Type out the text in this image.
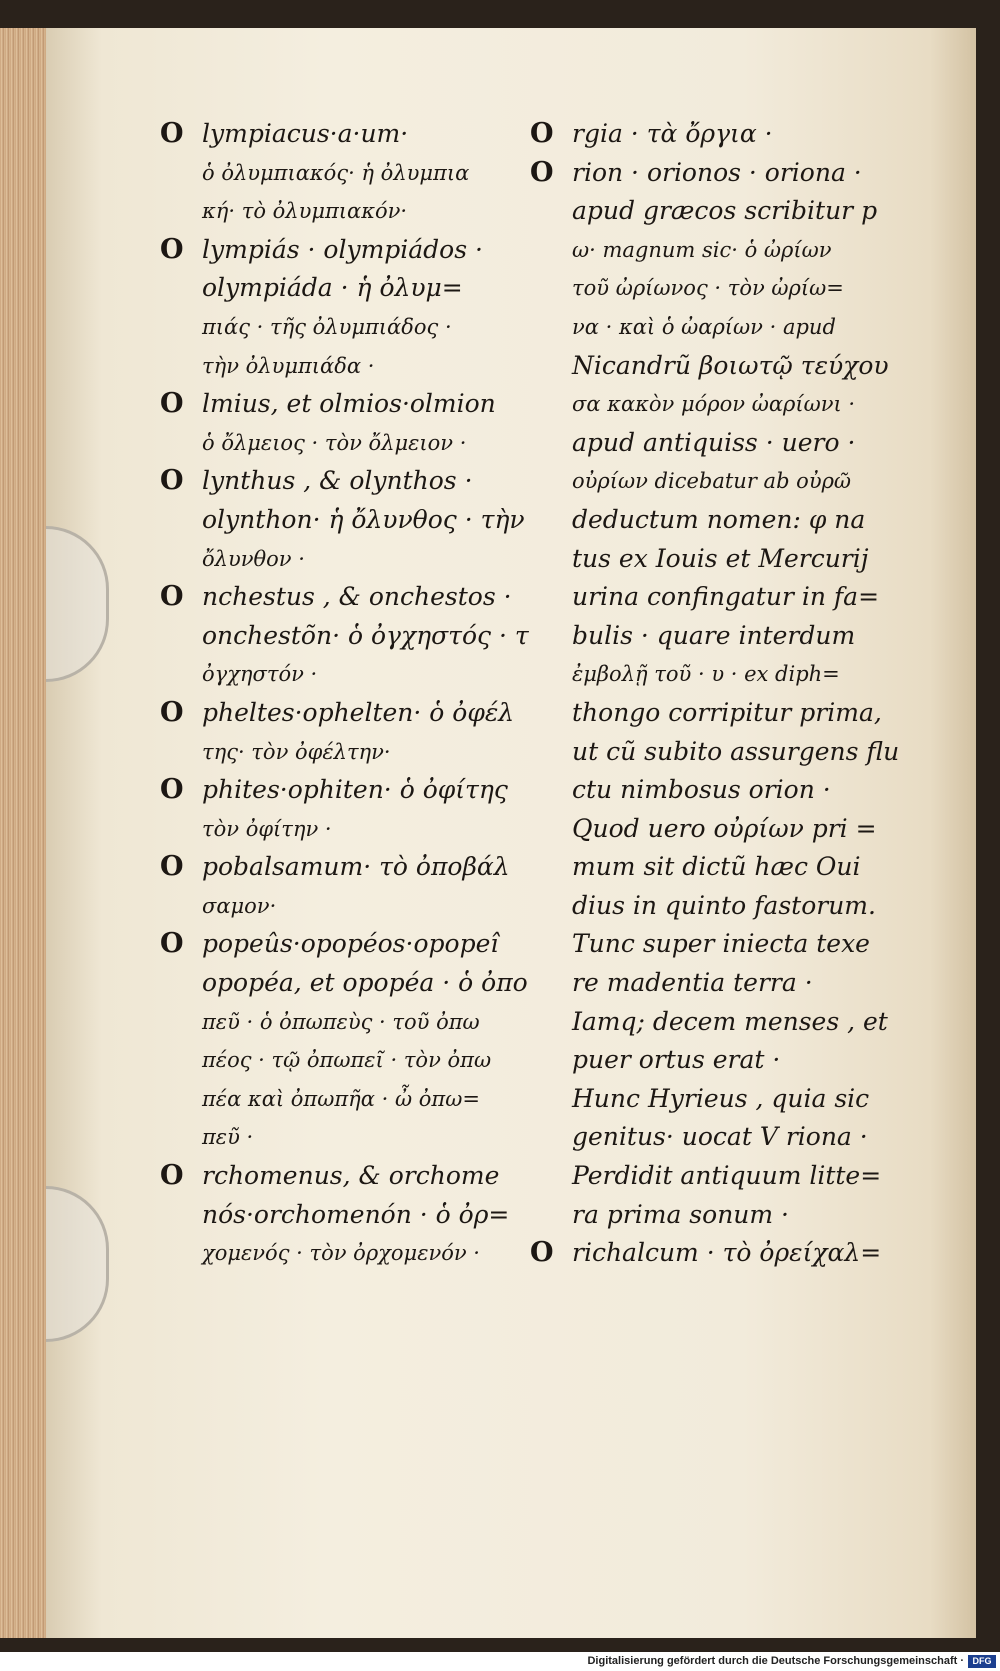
O lympiacus·a·um·
ὁ ὀλυμπιακός· ἡ ὀλυμπια
κή· τὸ ὀλυμπιακόν·
O lympiás · olympiádos ·
olympiáda · ἡ ὀλυμ=
πιάς · τῆς ὀλυμπιάδος ·
τὴν ὀλυμπιάδα ·
O lmius, et olmios·olmion
ὁ ὄλμειος · τὸν ὄλμειον ·
O lynthus , & olynthos ·
olynthon· ἡ ὄλυνθος · τὴν
ὄλυνθον ·
O nchestus , & onchestos ·
onchestõn· ὁ ὀγχηστός · τ
ὀγχηστόν ·
O pheltes·ophelten· ὁ ὀφέλ
της· τὸν ὀφέλτην·
O phites·ophiten· ὁ ὀφίτης
τὸν ὀφίτην ·
O pobalsamum· τὸ ὀποβάλ
σαμον·
O popeûs·opopéos·opopeî
opopéa, et opopéa · ὁ ὀπο
πεῦ · ὁ ὀπωπεὺς · τοῦ ὀπω
πέος · τῷ ὀπωπεῖ · τὸν ὀπω
πέα καὶ ὀπωπῆα · ὦ ὀπω=
πεῦ ·
O rchomenus, & orchome
nós·orchomenón · ὁ ὀρ=
χομενός · τὸν ὀρχομενόν ·
O rgia · τὰ ὄργια ·
O rion · orionos · oriona ·
apud græcos scribitur p
ω· magnum sic· ὁ ὠρίων
τοῦ ὠρίωνος · τὸν ὠρίω=
να · καὶ ὁ ὠαρίων · apud
Nicandrũ βοιωτῷ τεύχου
σα κακὸν μόρον ὠαρίωνι ·
apud antiquiss · uero ·
οὐρίων dicebatur ab οὐρῶ
deductum nomen: φ na
tus ex Iouis et Mercurij
urina confingatur in fa=
bulis · quare interdum
ἐμβολῇ τοῦ · υ · ex diph=
thongo corripitur prima,
ut cũ subito assurgens flu
ctu nimbosus orion ·
Quod uero οὐρίων pri =
mum sit dictũ hæc Oui
dius in quinto fastorum.
Tunc super iniecta texe
re madentia terra ·
Iamq; decem menses , et
puer ortus erat ·
Hunc Hyrieus , quia sic
genitus· uocat V riona ·
Perdidit antiquum litte=
ra prima sonum ·
O richalcum · τὸ ὀρείχαλ=
Digitalisierung gefördert durch die Deutsche Forschungsgemeinschaft · DFG
